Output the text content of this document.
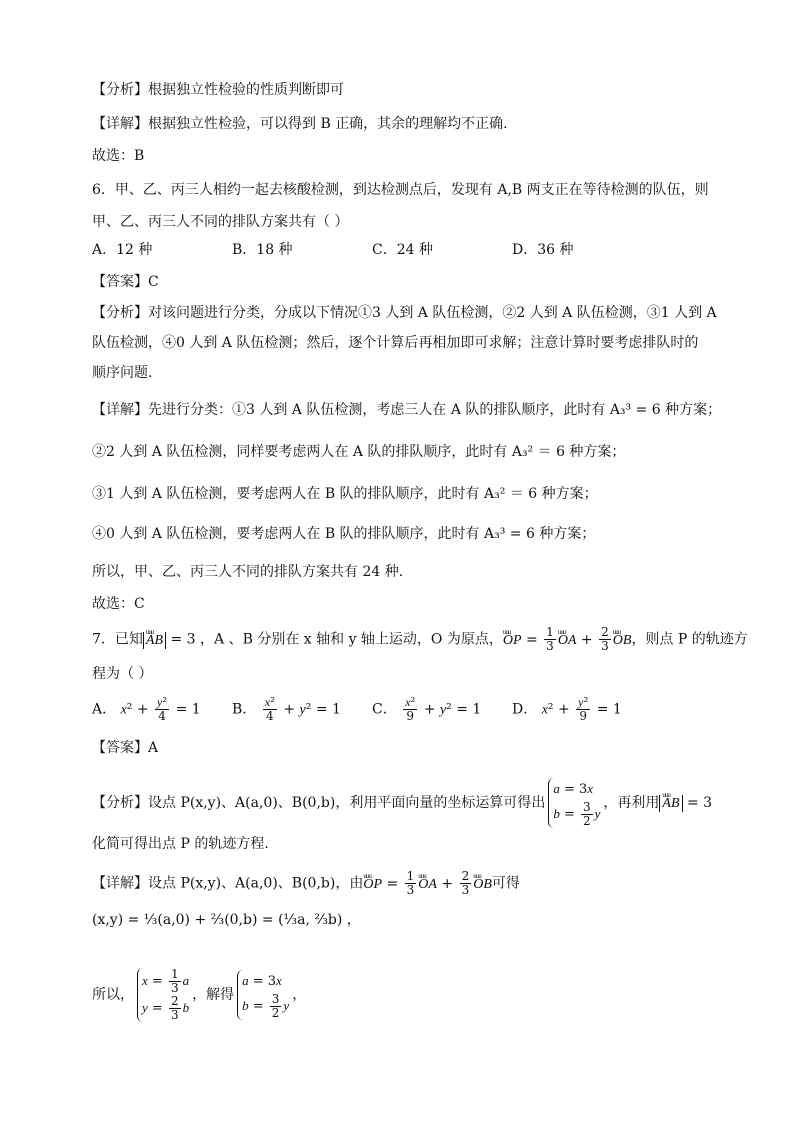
【分析】根据独立性检验的性质判断即可
【详解】根据独立性检验，可以得到 B 正确，其余的理解均不正确.
故选：B
6．甲、乙、丙三人相约一起去核酸检测，到达检测点后，发现有 A,B 两支正在等待检测的队伍，则
甲、乙、丙三人不同的排队方案共有（ ）
A．12 种	B．18 种	C．24 种	D．36 种
【答案】C
【分析】对该问题进行分类，分成以下情况①3 人到 A 队伍检测，②2 人到 A 队伍检测，③1 人到 A
队伍检测，④0 人到 A 队伍检测；然后，逐个计算后再相加即可求解；注意计算时要考虑排队时的
顺序问题.
【详解】先进行分类：①3 人到 A 队伍检测，考虑三人在 A 队的排队顺序，此时有 A₃³ = 6 种方案；
②2 人到 A 队伍检测，同样要考虑两人在 A 队的排队顺序，此时有 A₃² ＝ 6 种方案；
③1 人到 A 队伍检测，要考虑两人在 B 队的排队顺序，此时有 A₃² ＝ 6 种方案；
④0 人到 A 队伍检测，要考虑两人在 B 队的排队顺序，此时有 A₃³ = 6 种方案；
所以，甲、乙、丙三人不同的排队方案共有 24 种.
故选：C
7．已知 uuu AB = 3 ，A 、B 分别在 x 轴和 y 轴上运动，O 为原点，uuu OP = $\frac{1}{3}$ uuu OA + $\frac{2}{3}$ uuu OB，则点 P 的轨迹方
程为（ ）
A． $x^2 + \frac{\text{y²}}{4} = 1$ B． $\frac{\text{x²}}{4} + y^2 = 1$ C． $\frac{\text{x²}}{9} + y^2 = 1$ D． $x^2 + \frac{\text{y²}}{9} = 1$
【答案】A
【分析】设点 P(x,y)、A(a,0)、B(0,b)，利用平面向量的坐标运算可得出
a = 3x
$b = \frac{3}{2}$ y
，再利用 uuu AB = 3
化简可得出点 P 的轨迹方程.
【详解】设点 P(x,y)、A(a,0)、B(0,b)，由uuu OP = $\frac{1}{3}$ uuu OA + $\frac{2}{3}$ uuu OB可得
(x,y) = ⅓(a,0) + ⅔(0,b) = (⅓a, ⅔b) ，
所以，
$x = \frac{1}{3}$ a
$y = \frac{2}{3}$ b
，解得
a = 3x
$b = \frac{3}{2}$ y
，
